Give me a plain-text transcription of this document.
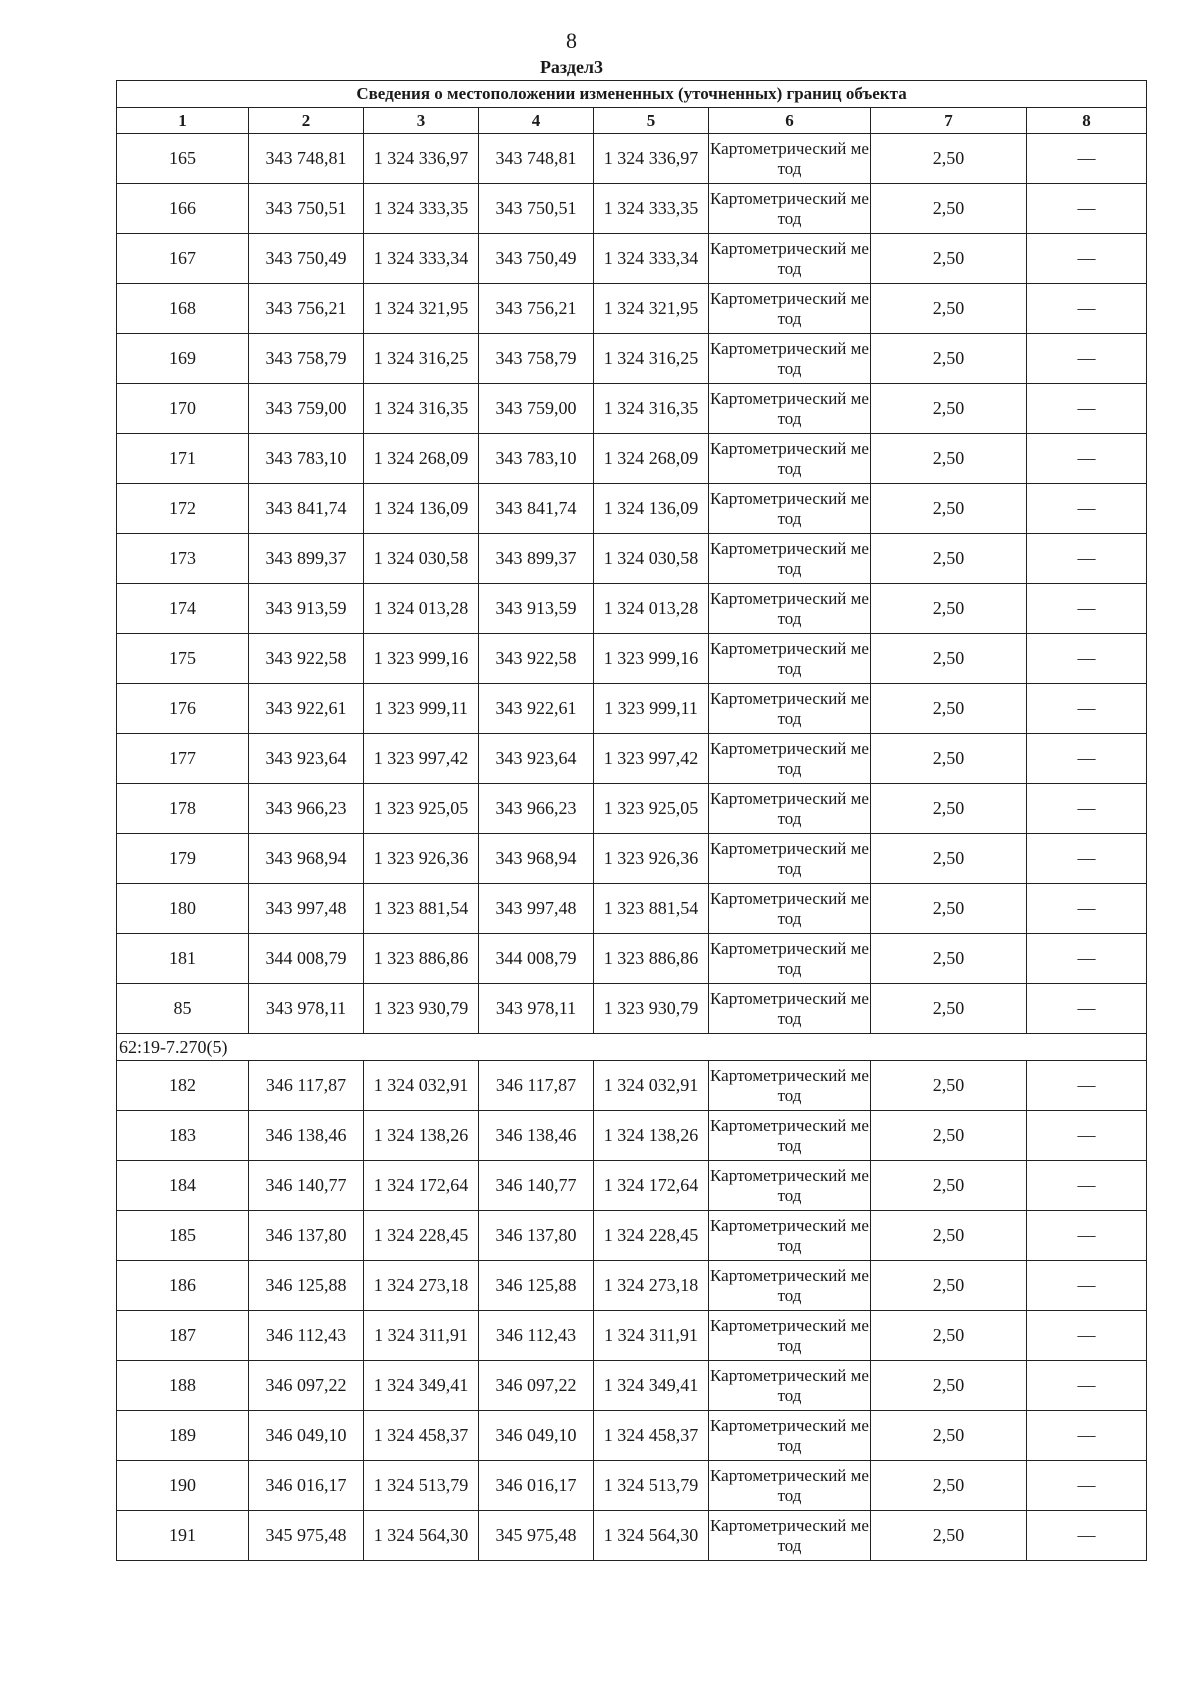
8
Раздел3
Сведения о местоположении измененных (уточненных) границ объекта							
1	2	3	4	5	6	7	8
165	343 748,81	1 324 336,97	343 748,81	1 324 336,97	Картометрический метод	2,50	—
166	343 750,51	1 324 333,35	343 750,51	1 324 333,35	Картометрический метод	2,50	—
167	343 750,49	1 324 333,34	343 750,49	1 324 333,34	Картометрический метод	2,50	—
168	343 756,21	1 324 321,95	343 756,21	1 324 321,95	Картометрический метод	2,50	—
169	343 758,79	1 324 316,25	343 758,79	1 324 316,25	Картометрический метод	2,50	—
170	343 759,00	1 324 316,35	343 759,00	1 324 316,35	Картометрический метод	2,50	—
171	343 783,10	1 324 268,09	343 783,10	1 324 268,09	Картометрический метод	2,50	—
172	343 841,74	1 324 136,09	343 841,74	1 324 136,09	Картометрический метод	2,50	—
173	343 899,37	1 324 030,58	343 899,37	1 324 030,58	Картометрический метод	2,50	—
174	343 913,59	1 324 013,28	343 913,59	1 324 013,28	Картометрический метод	2,50	—
175	343 922,58	1 323 999,16	343 922,58	1 323 999,16	Картометрический метод	2,50	—
176	343 922,61	1 323 999,11	343 922,61	1 323 999,11	Картометрический метод	2,50	—
177	343 923,64	1 323 997,42	343 923,64	1 323 997,42	Картометрический метод	2,50	—
178	343 966,23	1 323 925,05	343 966,23	1 323 925,05	Картометрический метод	2,50	—
179	343 968,94	1 323 926,36	343 968,94	1 323 926,36	Картометрический метод	2,50	—
180	343 997,48	1 323 881,54	343 997,48	1 323 881,54	Картометрический метод	2,50	—
181	344 008,79	1 323 886,86	344 008,79	1 323 886,86	Картометрический метод	2,50	—
85	343 978,11	1 323 930,79	343 978,11	1 323 930,79	Картометрический метод	2,50	—
62:19-7.270(5)							
182	346 117,87	1 324 032,91	346 117,87	1 324 032,91	Картометрический метод	2,50	—
183	346 138,46	1 324 138,26	346 138,46	1 324 138,26	Картометрический метод	2,50	—
184	346 140,77	1 324 172,64	346 140,77	1 324 172,64	Картометрический метод	2,50	—
185	346 137,80	1 324 228,45	346 137,80	1 324 228,45	Картометрический метод	2,50	—
186	346 125,88	1 324 273,18	346 125,88	1 324 273,18	Картометрический метод	2,50	—
187	346 112,43	1 324 311,91	346 112,43	1 324 311,91	Картометрический метод	2,50	—
188	346 097,22	1 324 349,41	346 097,22	1 324 349,41	Картометрический метод	2,50	—
189	346 049,10	1 324 458,37	346 049,10	1 324 458,37	Картометрический метод	2,50	—
190	346 016,17	1 324 513,79	346 016,17	1 324 513,79	Картометрический метод	2,50	—
191	345 975,48	1 324 564,30	345 975,48	1 324 564,30	Картометрический метод	2,50	—
